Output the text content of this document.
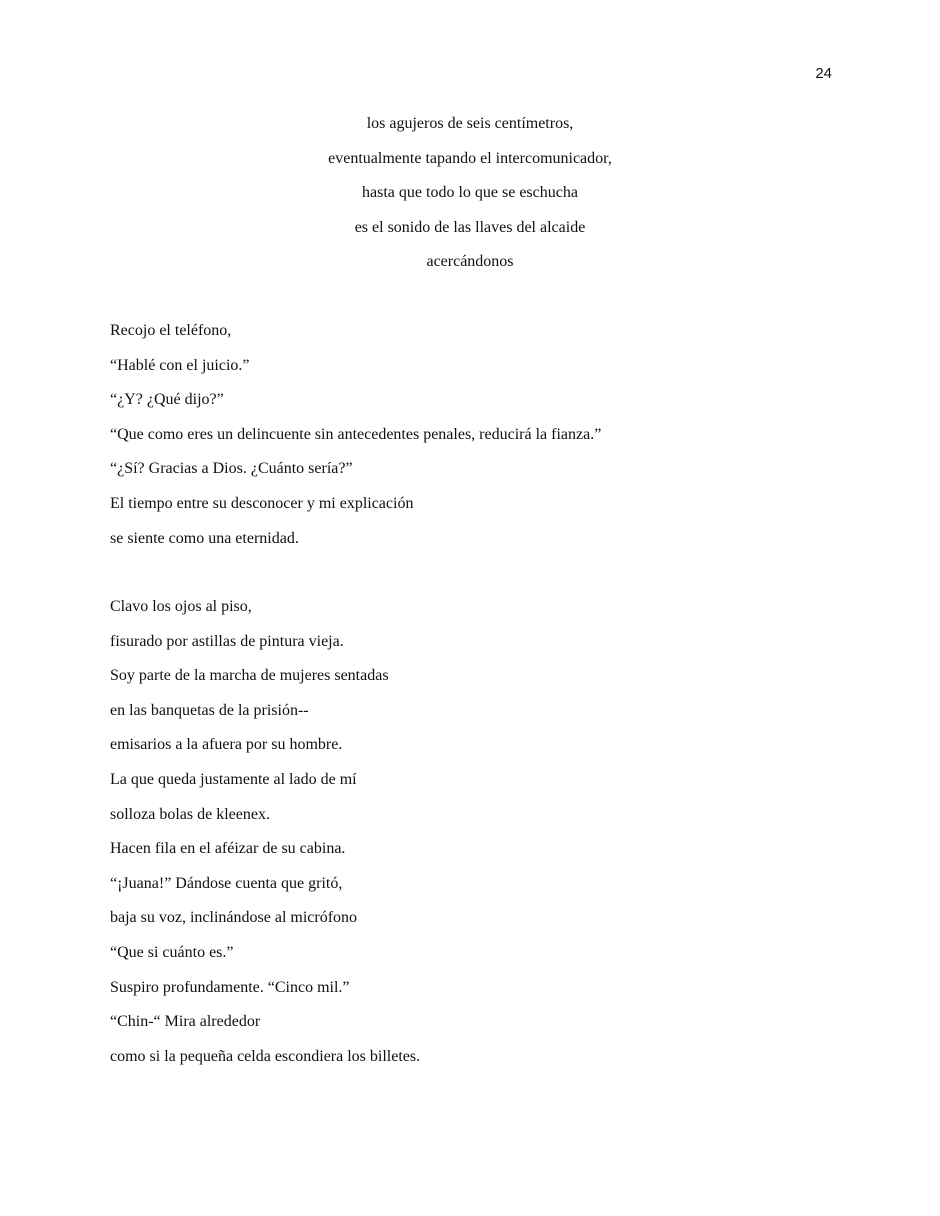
24
los agujeros de seis centímetros,
eventualmente tapando el intercomunicador,
hasta que todo lo que se eschucha
es el sonido de las llaves del alcaide
acercándonos
Recojo el teléfono,
“Hablé con el juicio.”
“¿Y? ¿Qué dijo?”
“Que como eres un delincuente sin antecedentes penales, reducirá la fianza.”
“¿Sí? Gracias a Dios. ¿Cuánto sería?”
El tiempo entre su desconocer y mi explicación
se siente como una eternidad.
Clavo los ojos al piso,
fisurado por astillas de pintura vieja.
Soy parte de la marcha de mujeres sentadas
en las banquetas de la prisión--
emisarios a la afuera por su hombre.
La que queda justamente al lado de mí
solloza bolas de kleenex.
Hacen fila en el aféizar de su cabina.
“¡Juana!” Dándose cuenta que gritó,
baja su voz, inclinándose al micrófono
“Que si cuánto es.”
Suspiro profundamente. “Cinco mil.”
“Chin-“ Mira alrededor
como si la pequeña celda escondiera los billetes.
